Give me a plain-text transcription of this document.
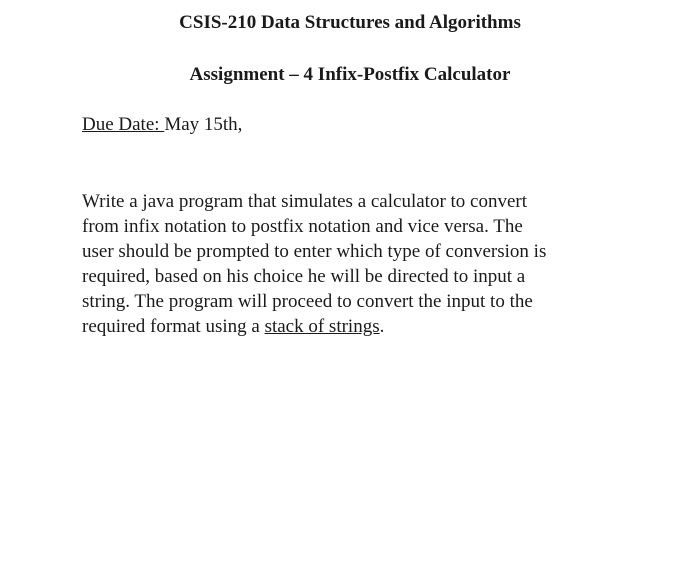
CSIS-210 Data Structures and Algorithms
Assignment – 4 Infix-Postfix Calculator
Due Date: May 15th,
Write a java program that simulates a calculator to convert
from infix notation to postfix notation and vice versa. The
user should be prompted to enter which type of conversion is
required, based on his choice he will be directed to input a
string. The program will proceed to convert the input to the
required format using a stack of strings.
